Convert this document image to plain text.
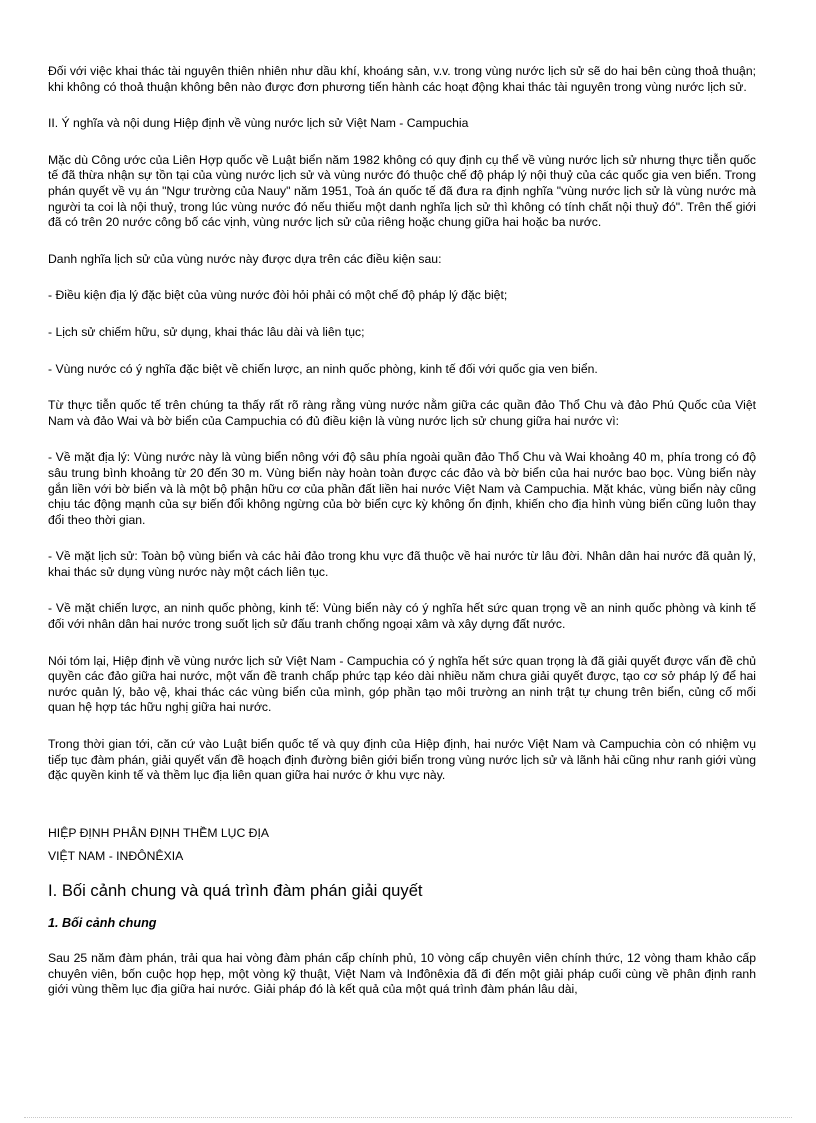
Đối với việc khai thác tài nguyên thiên nhiên như dầu khí, khoáng sản, v.v. trong vùng nước lịch sử sẽ do hai bên cùng thoả thuận; khi không có thoả thuận không bên nào được đơn phương tiến hành các hoạt động khai thác tài nguyên trong vùng nước lịch sử.

II. Ý nghĩa và nội dung Hiệp định về vùng nước lịch sử Việt Nam - Campuchia

Mặc dù Công ước của Liên Hợp quốc về Luật biển năm 1982 không có quy định cụ thể về vùng nước lịch sử nhưng thực tiễn quốc tế đã thừa nhận sự tồn tại của vùng nước lịch sử và vùng nước đó thuộc chế độ pháp lý nội thuỷ của các quốc gia ven biển. Trong phán quyết về vụ án "Ngư trường của Nauy" năm 1951, Toà án quốc tế đã đưa ra định nghĩa "vùng nước lịch sử là vùng nước mà người ta coi là nội thuỷ, trong lúc vùng nước đó nếu thiếu một danh nghĩa lịch sử thì không có tính chất nội thuỷ đó". Trên thế giới đã có trên 20 nước công bố các vịnh, vùng nước lịch sử của riêng hoặc chung giữa hai hoặc ba nước.

Danh nghĩa lịch sử của vùng nước này được dựa trên các điều kiện sau:

- Điều kiện địa lý đặc biệt của vùng nước đòi hỏi phải có một chế độ pháp lý đặc biệt;

- Lịch sử chiếm hữu, sử dụng, khai thác lâu dài và liên tục;

- Vùng nước có ý nghĩa đặc biệt về chiến lược, an ninh quốc phòng, kinh tế đối với quốc gia ven biển.

Từ thực tiễn quốc tế trên chúng ta thấy rất rõ ràng rằng vùng nước nằm giữa các quần đảo Thổ Chu và đảo Phú Quốc của Việt Nam và đảo Wai và bờ biển của Campuchia có đủ điều kiện là vùng nước lịch sử chung giữa hai nước vì:

- Về mặt địa lý: Vùng nước này là vùng biển nông với độ sâu phía ngoài quần đảo Thổ Chu và Wai khoảng 40 m, phía trong có độ sâu trung bình khoảng từ 20 đến 30 m. Vùng biển này hoàn toàn được các đảo và bờ biển của hai nước bao bọc. Vùng biển này gắn liền với bờ biển và là một bộ phận hữu cơ của phần đất liền hai nước Việt Nam và Campuchia. Mặt khác, vùng biển này cũng chịu tác động mạnh của sự biến đổi không ngừng của bờ biển cực kỳ không ổn định, khiến cho địa hình vùng biển cũng luôn thay đổi theo thời gian.

- Về mặt lịch sử: Toàn bộ vùng biển và các hải đảo trong khu vực đã thuộc về hai nước từ lâu đời. Nhân dân hai nước đã quản lý, khai thác sử dụng vùng nước này một cách liên tục.

- Về mặt chiến lược, an ninh quốc phòng, kinh tế: Vùng biển này có ý nghĩa hết sức quan trọng về an ninh quốc phòng và kinh tế đối với nhân dân hai nước trong suốt lịch sử đấu tranh chống ngoại xâm và xây dựng đất nước.

Nói tóm lại, Hiệp định về vùng nước lịch sử Việt Nam - Campuchia có ý nghĩa hết sức quan trọng là đã giải quyết được vấn đề chủ quyền các đảo giữa hai nước, một vấn đề tranh chấp phức tạp kéo dài nhiều năm chưa giải quyết được, tạo cơ sở pháp lý để hai nước quản lý, bảo vệ, khai thác các vùng biển của mình, góp phần tạo môi trường an ninh trật tự chung trên biển, củng cố mối quan hệ hợp tác hữu nghị giữa hai nước.

Trong thời gian tới, căn cứ vào Luật biển quốc tế và quy định của Hiệp định, hai nước Việt Nam và Campuchia còn có nhiệm vụ tiếp tục đàm phán, giải quyết vấn đề hoạch định đường biên giới biển trong vùng nước lịch sử và lãnh hải cũng như ranh giới vùng đặc quyền kinh tế và thềm lục địa liên quan giữa hai nước ở khu vực này.

HIỆP ĐỊNH PHÂN ĐỊNH THỀM LỤC ĐỊA

VIỆT NAM - INĐÔNÊXIA

I. Bối cảnh chung và quá trình đàm phán giải quyết
1. Bối cảnh chung

Sau 25 năm đàm phán, trải qua hai vòng đàm phán cấp chính phủ, 10 vòng cấp chuyên viên chính thức, 12 vòng tham khảo cấp chuyên viên, bốn cuộc họp hẹp, một vòng kỹ thuật, Việt Nam và Inđônêxia đã đi đến một giải pháp cuối cùng về phân định ranh giới vùng thềm lục địa giữa hai nước. Giải pháp đó là kết quả của một quá trình đàm phán lâu dài,
